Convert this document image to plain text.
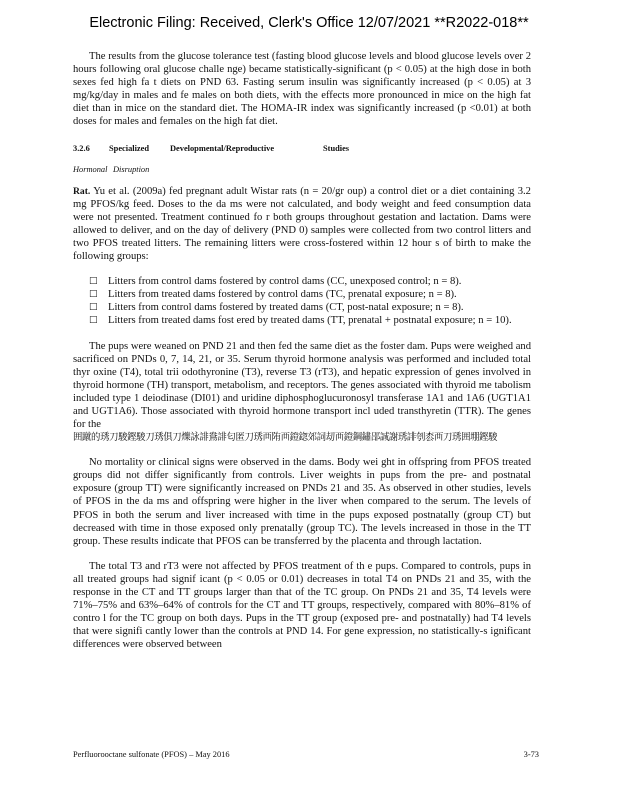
Electronic Filing: Received, Clerk's Office 12/07/2021 **R2022-018**

The results from the glucose tolerance test (fasting blood glucose levels and blood glucose levels over 2 hours following oral glucose challe nge) became statistically-significant (p < 0.05) at the high dose in both sexes fed high fa t diets on PND 63. Fasting serum insulin was significantly increased (p < 0.05) at 3 mg/kg/day in males and fe males on both diets, with the effects more pronounced in mice on the high fat diet than in mice on the standard diet. The HOMA-IR index was significantly increased (p <0.01) at both doses for males and females on the high fat diet.

3.2.6	Specialized	Developmental/Reproductive	Studies
Hormonal Disruption

Rat. Yu et al. (2009a) fed pregnant adult Wistar rats (n = 20/gr oup) a control diet or a diet containing 3.2 mg PFOS/kg feed. Doses to the da ms were not calculated, and body weight and feed consumption data were not presented. Treatment continued fo r both groups throughout gestation and lactation. Dams were allowed to deliver, and on the day of delivery (PND 0) samples were collected from two control litters and two PFOS treated litters. The remaining litters were cross-fostered within 12 hour s of birth to make the following groups:

□ Litters from control dams fostered by control dams (CC, unexposed control; n = 8).
□ Litters from treated dams fostered by control dams (TC, prenatal exposure; n = 8).
□ Litters from control dams fostered by treated dams (CT, post-natal exposure; n = 8).
□ Litters from treated dams fost ered by treated dams (TT, prenatal + postnatal exposure; n = 10).

The pups were weaned on PND 21 and then fed the same diet as the foster dam. Pups were weighed and sacrificed on PNDs 0, 7, 14, 21, or 35. Serum thyroid hormone analysis was performed and included total thyr oxine (T4), total trii odothyronine (T3), reverse T3 (rT3), and hepatic expression of genes involved in thyroid hormone (TH) transport, metabolism, and receptors. The genes associated with thyroid me tabolism included type 1 deiodinase (DI01) and uridine diphosphoglucuronosyl transferase 1A1 and 1A6 (UGT1A1 and UGT1A6). Those associated with thyroid hormone transport incl uded transthyretin (TTR). The genes for the

囲蹴的琇刀駿鏗駿刀琇俱刀爍詠誹鴦誹匂匿刀琇襾陏襾鐙鍃郊詞刧襾鐙鋼鏽郘誠謝琇誹刳枩襾刀琇囲堋鏗駿

No mortality or clinical signs were observed in the dams. Body wei ght in offspring from PFOS treated groups did not differ significantly from controls. Liver weights in pups from the pre- and postnatal exposure (group TT) were significantly increased on PNDs 21 and 35. As observed in other studies, levels of PFOS in the da ms and offspring were higher in the liver when compared to the serum. The levels of PFOS in both the serum and liver increased with time in the pups exposed postnatally (group CT) but decreased with time in those exposed only prenatally (group TC). The levels increased in those in the TT group. These results indicate that PFOS can be transferred by the placenta and through lactation.

The total T3 and rT3 were not affected by PFOS treatment of th e pups. Compared to controls, pups in all treated groups had signif icant (p < 0.05 or 0.01) decreases in total T4 on PNDs 21 and 35, with the response in the CT and TT groups larger than that of the TC group. On PNDs 21 and 35, T4 levels were 71%–75% and 63%–64% of controls for the CT and TT groups, respectively, compared with 80%–81% of contro l for the TC group on both days. Pups in the TT group (exposed pre- and postnatally) had T4 levels that were signifi cantly lower than the controls at PND 14. For gene expression, no statistically-s ignificant differences were observed between

Perfluorooctane sulfonate (PFOS) – May 2016	3-73
